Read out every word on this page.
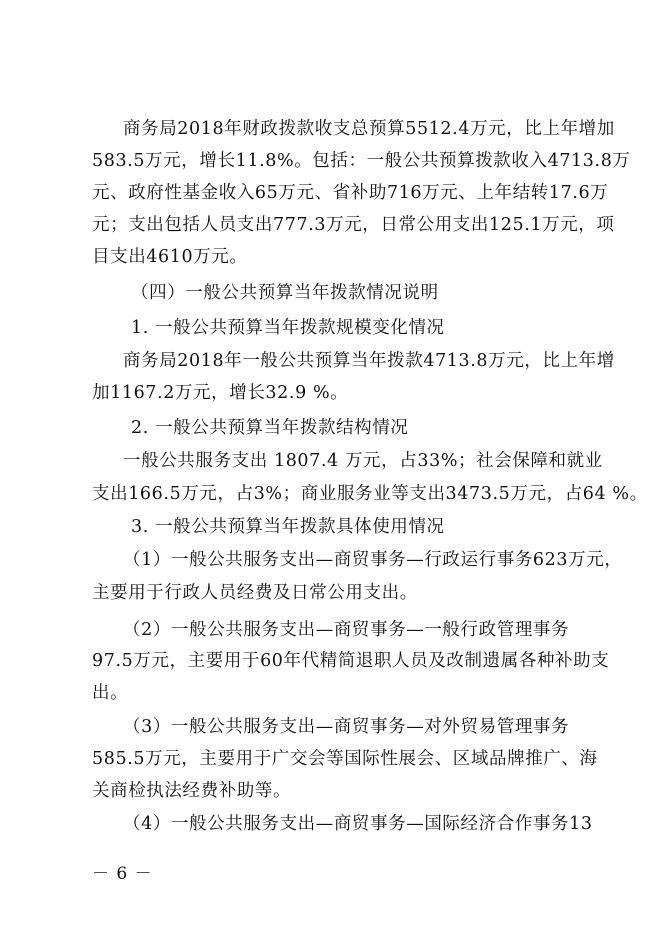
商务局2018年财政拨款收支总预算5512.4万元，比上年增加
583.5万元，增长11.8%。包括：一般公共预算拨款收入4713.8万
元、政府性基金收入65万元、省补助716万元、上年结转17.6万
元；支出包括人员支出777.3万元，日常公用支出125.1万元，项
目支出4610万元。
（四）一般公共预算当年拨款情况说明
1. 一般公共预算当年拨款规模变化情况
商务局2018年一般公共预算当年拨款4713.8万元，比上年增
加1167.2万元，增长32.9 %。
2. 一般公共预算当年拨款结构情况
一般公共服务支出 1807.4 万元，占33%；社会保障和就业
支出166.5万元，占3%；商业服务业等支出3473.5万元，占64 %。
3. 一般公共预算当年拨款具体使用情况
（1）一般公共服务支出—商贸事务—行政运行事务623万元，
主要用于行政人员经费及日常公用支出。
（2）一般公共服务支出—商贸事务—一般行政管理事务
97.5万元，主要用于60年代精简退职人员及改制遗属各种补助支
出。
（3）一般公共服务支出—商贸事务—对外贸易管理事务
585.5万元，主要用于广交会等国际性展会、区域品牌推广、海
关商检执法经费补助等。
（4）一般公共服务支出—商贸事务—国际经济合作事务13
－ 6 －
